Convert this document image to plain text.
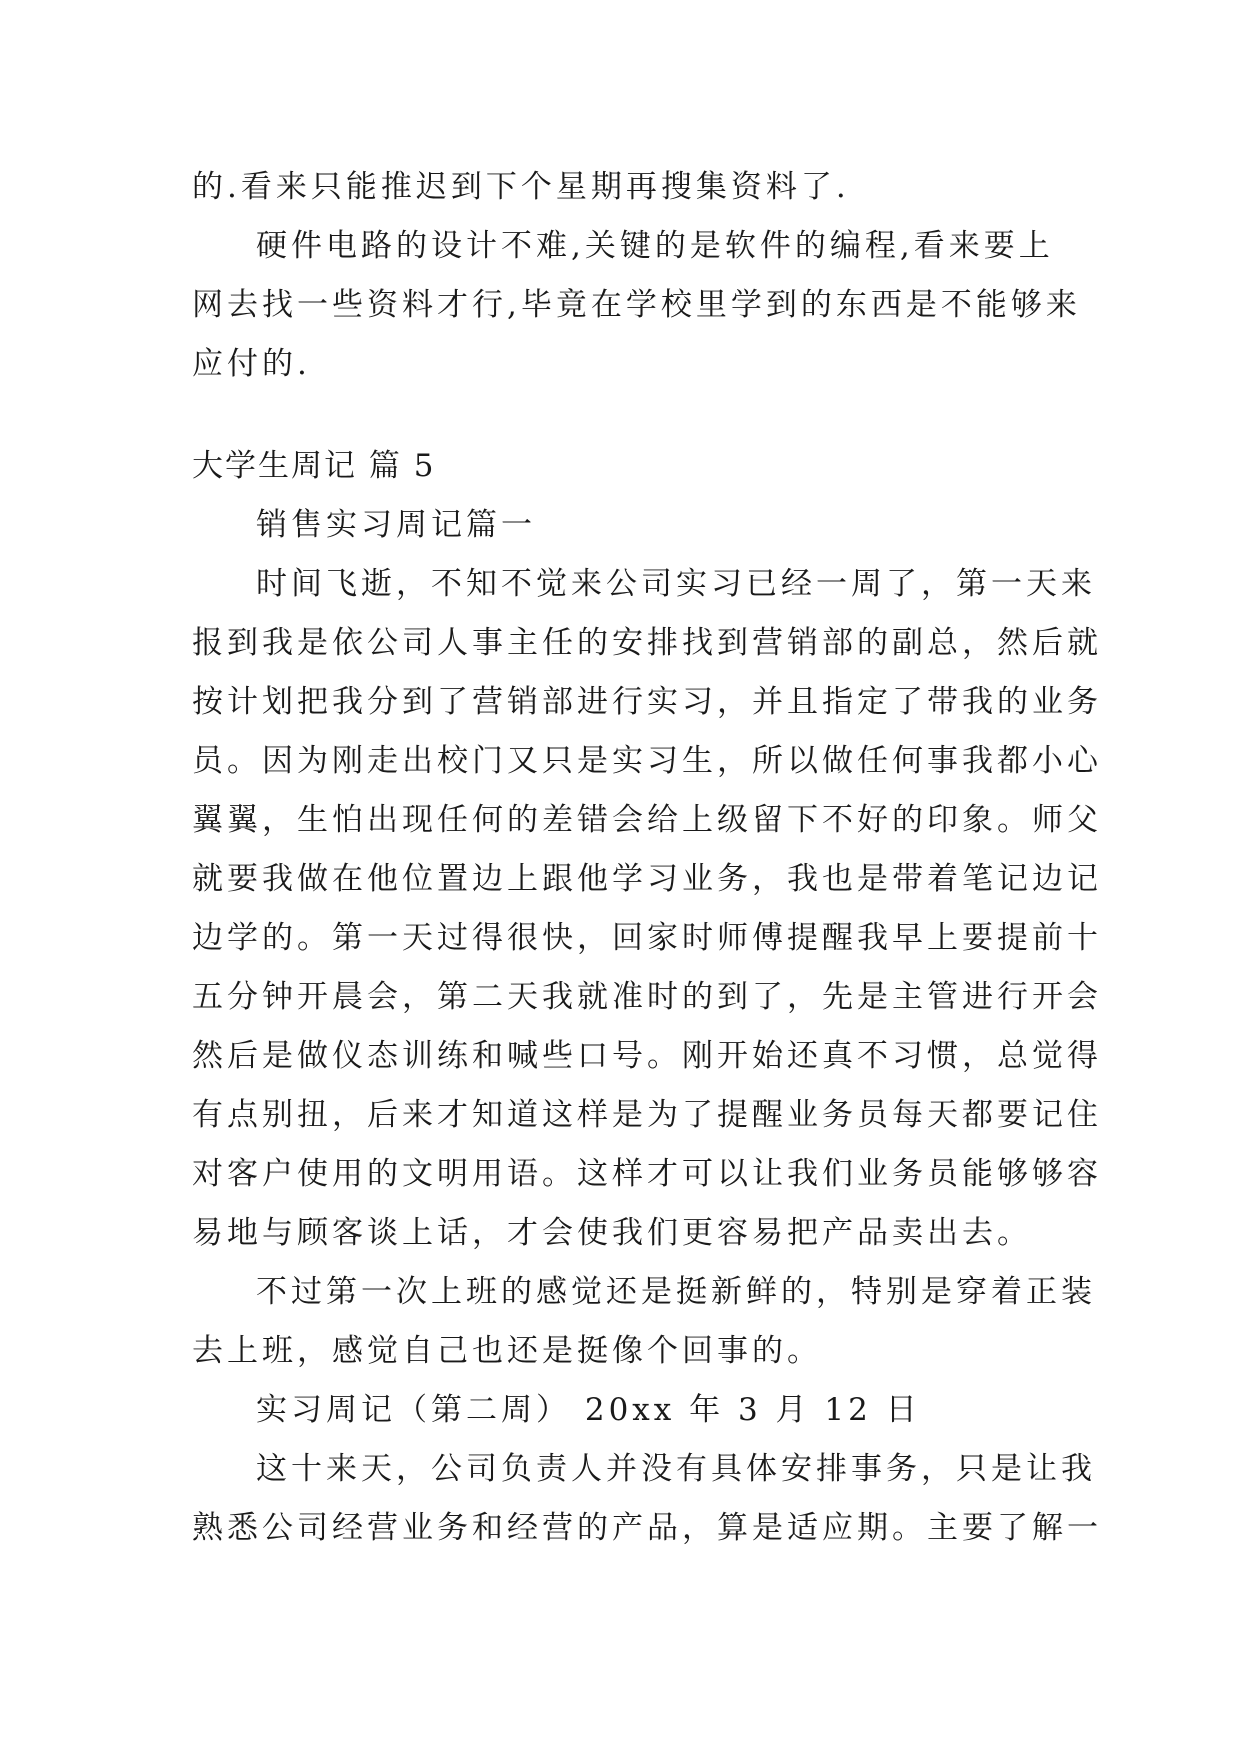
的.看来只能推迟到下个星期再搜集资料了.
硬件电路的设计不难,关键的是软件的编程,看来要上
网去找一些资料才行,毕竟在学校里学到的东西是不能够来
应付的.
大学生周记 篇 5
销售实习周记篇一
时间飞逝，不知不觉来公司实习已经一周了，第一天来
报到我是依公司人事主任的安排找到营销部的副总，然后就
按计划把我分到了营销部进行实习，并且指定了带我的业务
员。因为刚走出校门又只是实习生，所以做任何事我都小心
翼翼，生怕出现任何的差错会给上级留下不好的印象。师父
就要我做在他位置边上跟他学习业务，我也是带着笔记边记
边学的。第一天过得很快，回家时师傅提醒我早上要提前十
五分钟开晨会，第二天我就准时的到了，先是主管进行开会
然后是做仪态训练和喊些口号。刚开始还真不习惯，总觉得
有点别扭，后来才知道这样是为了提醒业务员每天都要记住
对客户使用的文明用语。这样才可以让我们业务员能够够容
易地与顾客谈上话，才会使我们更容易把产品卖出去。
不过第一次上班的感觉还是挺新鲜的，特别是穿着正装
去上班，感觉自己也还是挺像个回事的。
实习周记（第二周） 20xx 年 3 月 12 日
这十来天，公司负责人并没有具体安排事务，只是让我
熟悉公司经营业务和经营的产品，算是适应期。主要了解一
